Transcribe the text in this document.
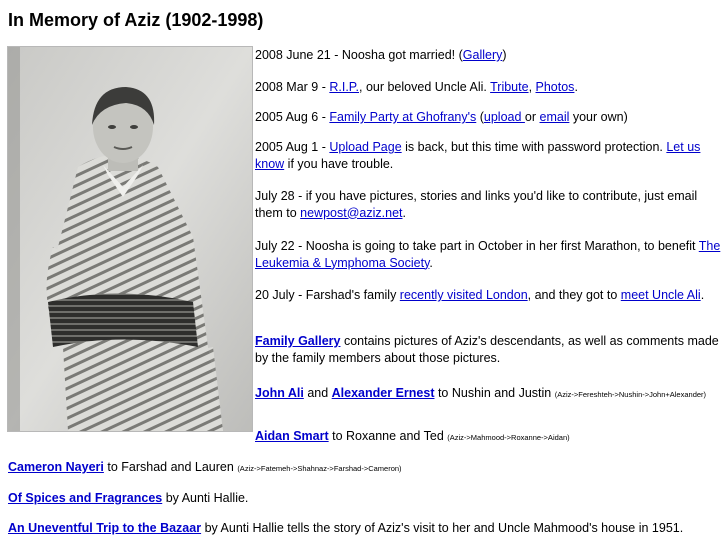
In Memory of Aziz (1902-1998)

2008 June 21 - Noosha got married! (Gallery)

2008 Mar 9 - R.I.P., our beloved Uncle Ali. Tribute, Photos.

2005 Aug 6 - Family Party at Ghofrany's (upload or email your own)

2005 Aug 1 - Upload Page is back, but this time with password protection. Let us know if you have trouble.

July 28 - if you have pictures, stories and links you'd like to contribute, just email them to newpost@aziz.net.

July 22 - Noosha is going to take part in October in her first Marathon, to benefit The Leukemia & Lymphoma Society.

20 July - Farshad's family recently visited London, and they got to meet Uncle Ali.

Family Gallery contains pictures of Aziz's descendants, as well as comments made by the family members about those pictures.

John Ali and Alexander Ernest to Nushin and Justin (Aziz->Fereshteh->Nushin->John+Alexander)

Aidan Smart to Roxanne and Ted (Aziz->Mahmood->Roxanne->Aidan)

Cameron Nayeri to Farshad and Lauren (Aziz->Fatemeh->Shahnaz->Farshad->Cameron)

Of Spices and Fragrances by Aunti Hallie.

An Uneventful Trip to the Bazaar by Aunti Hallie tells the story of Aziz's visit to her and Uncle Mahmood's house in 1951.
